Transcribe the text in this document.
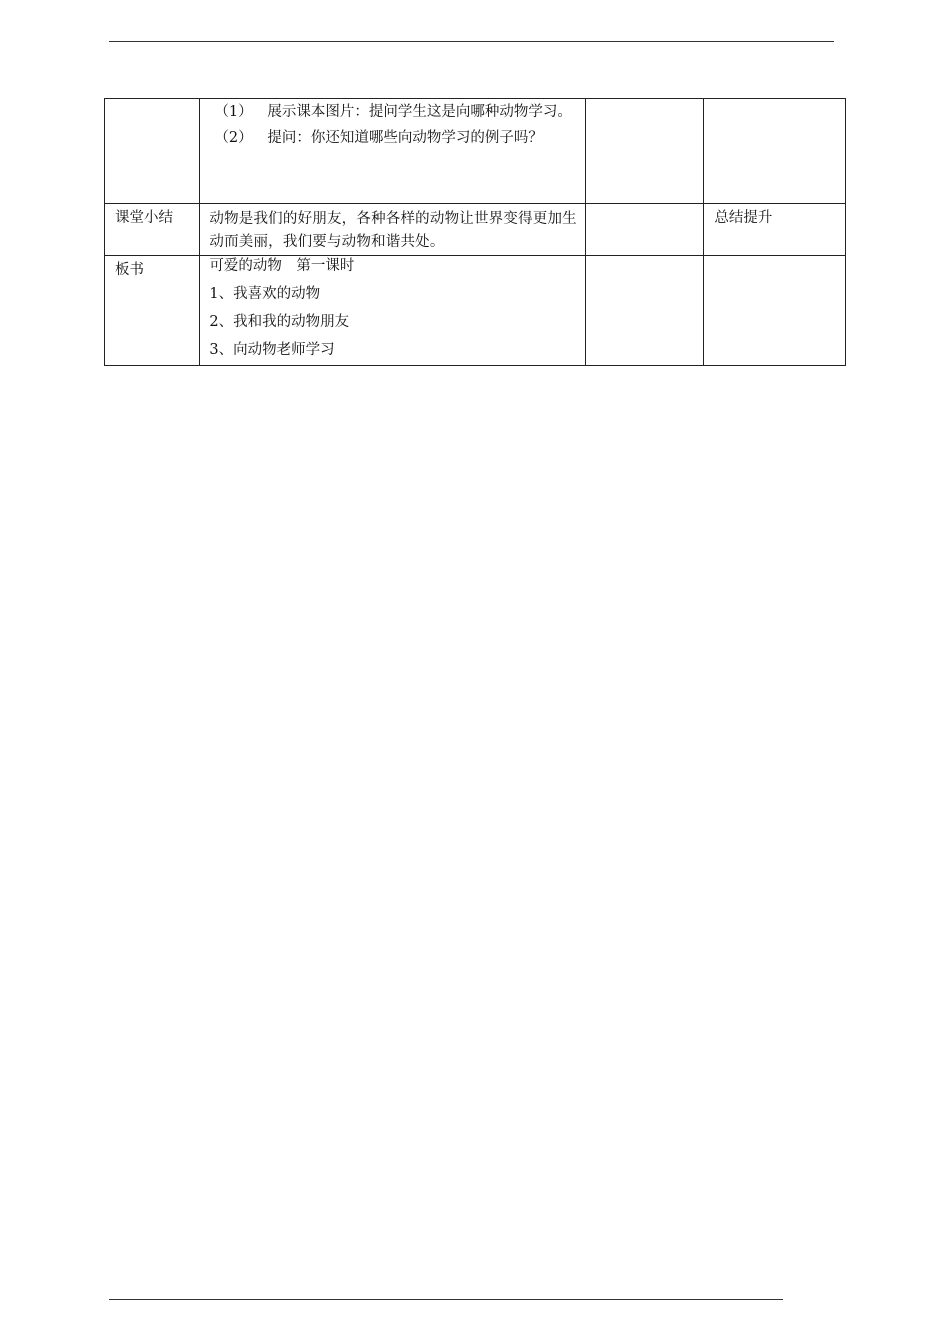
	（1） 展示课本图片：提问学生这是向哪种动物学习。
（2） 提问：你还知道哪些向动物学习的例子吗？		

课堂小结	动物是我们的好朋友，各种各样的动物让世界变得更加生动而美丽，我们要与动物和谐共处。		总结提升

板书	可爱的动物　第一课时
1、我喜欢的动物
2、我和我的动物朋友
3、向动物老师学习		
